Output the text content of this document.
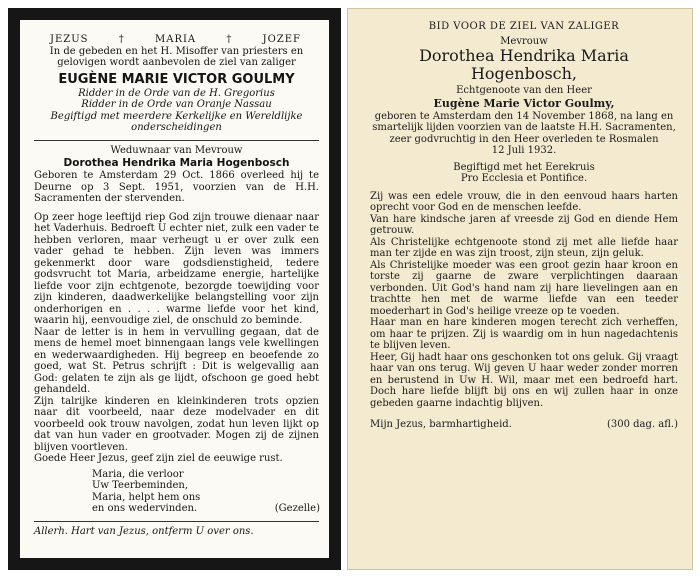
JEZUS	†	MARIA	†	JOZEF

In de gebeden en het H. Misoffer van priesters en gelovigen wordt aanbevolen de ziel van zaliger

EUGÈNE MARIE VICTOR GOULMY

Ridder in de Orde van de H. Gregorius

Ridder in de Orde van Oranje Nassau

Begiftigd met meerdere Kerkelijke en Wereldlijke onderscheidingen

Weduwnaar van Mevrouw

Dorothea Hendrika Maria Hogenbosch

Geboren te Amsterdam 29 Oct. 1866 overleed hij te Deurne op 3 Sept. 1951, voorzien van de H.H. Sacramenten der stervenden.

Op zeer hoge leeftijd riep God zijn trouwe dienaar naar het Vaderhuis. Bedroeft U echter niet, zulk een vader te hebben verloren, maar verheugt u er over zulk een vader gehad te hebben. Zijn leven was immers gekenmerkt door ware godsdienstigheid, tedere godsvrucht tot Maria, arbeidzame energie, hartelijke liefde voor zijn echtgenote, bezorgde toewijding voor zijn kinderen, daadwerkelijke belangstelling voor zijn onderhorigen en . . . . warme liefde voor het kind, waarin hij, eenvoudige ziel, de onschuld zo beminde.

Naar de letter is in hem in vervulling gegaan, dat de mens de hemel moet binnengaan langs vele kwellingen en wederwaardigheden. Hij begreep en beoefende zo goed, wat St. Petrus schrijft : Dit is welgevallig aan God: gelaten te zijn als ge lijdt, ofschoon ge goed hebt gehandeld.

Zijn talrijke kinderen en kleinkinderen trots opzien naar dit voorbeeld, naar deze modelvader en dit voorbeeld ook trouw navolgen, zodat hun leven lijkt op dat van hun vader en grootvader. Mogen zij de zijnen blijven voortleven.

Goede Heer Jezus, geef zijn ziel de eeuwige rust.

Maria, die verloor

Uw Teerbeminden,

Maria, helpt hem ons

en ons wedervinden.	(Gezelle)

Allerh. Hart van Jezus, ontferm U over ons.

BID VOOR DE ZIEL VAN ZALIGER

Mevrouw

Dorothea Hendrika Maria

Hogenbosch,

Echtgenoote van den Heer

Eugène Marie Victor Goulmy,

geboren te Amsterdam den 14 November 1868, na lang en smartelijk lijden voorzien van de laatste H.H. Sacramenten, zeer godvruchtig in den Heer overleden te Rosmalen

12 Juli 1932.

Begiftigd met het Eerekruis

Pro Ecclesia et Pontifice.

Zij was een edele vrouw, die in den eenvoud haars harten oprecht voor God en de menschen leefde.

Van hare kindsche jaren af vreesde zij God en diende Hem getrouw.

Als Christelijke echtgenoote stond zij met alle liefde haar man ter zijde en was zijn troost, zijn steun, zijn geluk.

Als Christelijke moeder was een groot gezin haar kroon en torste zij gaarne de zware verplichtingen daaraan verbonden. Uit God's hand nam zij hare lievelingen aan en trachtte hen met de warme liefde van een teeder moederhart in God's heilige vreeze op te voeden.

Haar man en hare kinderen mogen terecht zich verheffen, om haar te prijzen. Zij is waardig om in hun nagedachtenis te blijven leven.

Heer, Gij hadt haar ons geschonken tot ons geluk. Gij vraagt haar van ons terug. Wij geven U haar weder zonder morren en berustend in Uw H. Wil, maar met een bedroefd hart. Doch hare liefde blijft bij ons en wij zullen haar in onze gebeden gaarne indachtig blijven.

Mijn Jezus, barmhartigheid.	(300 dag. afl.)
